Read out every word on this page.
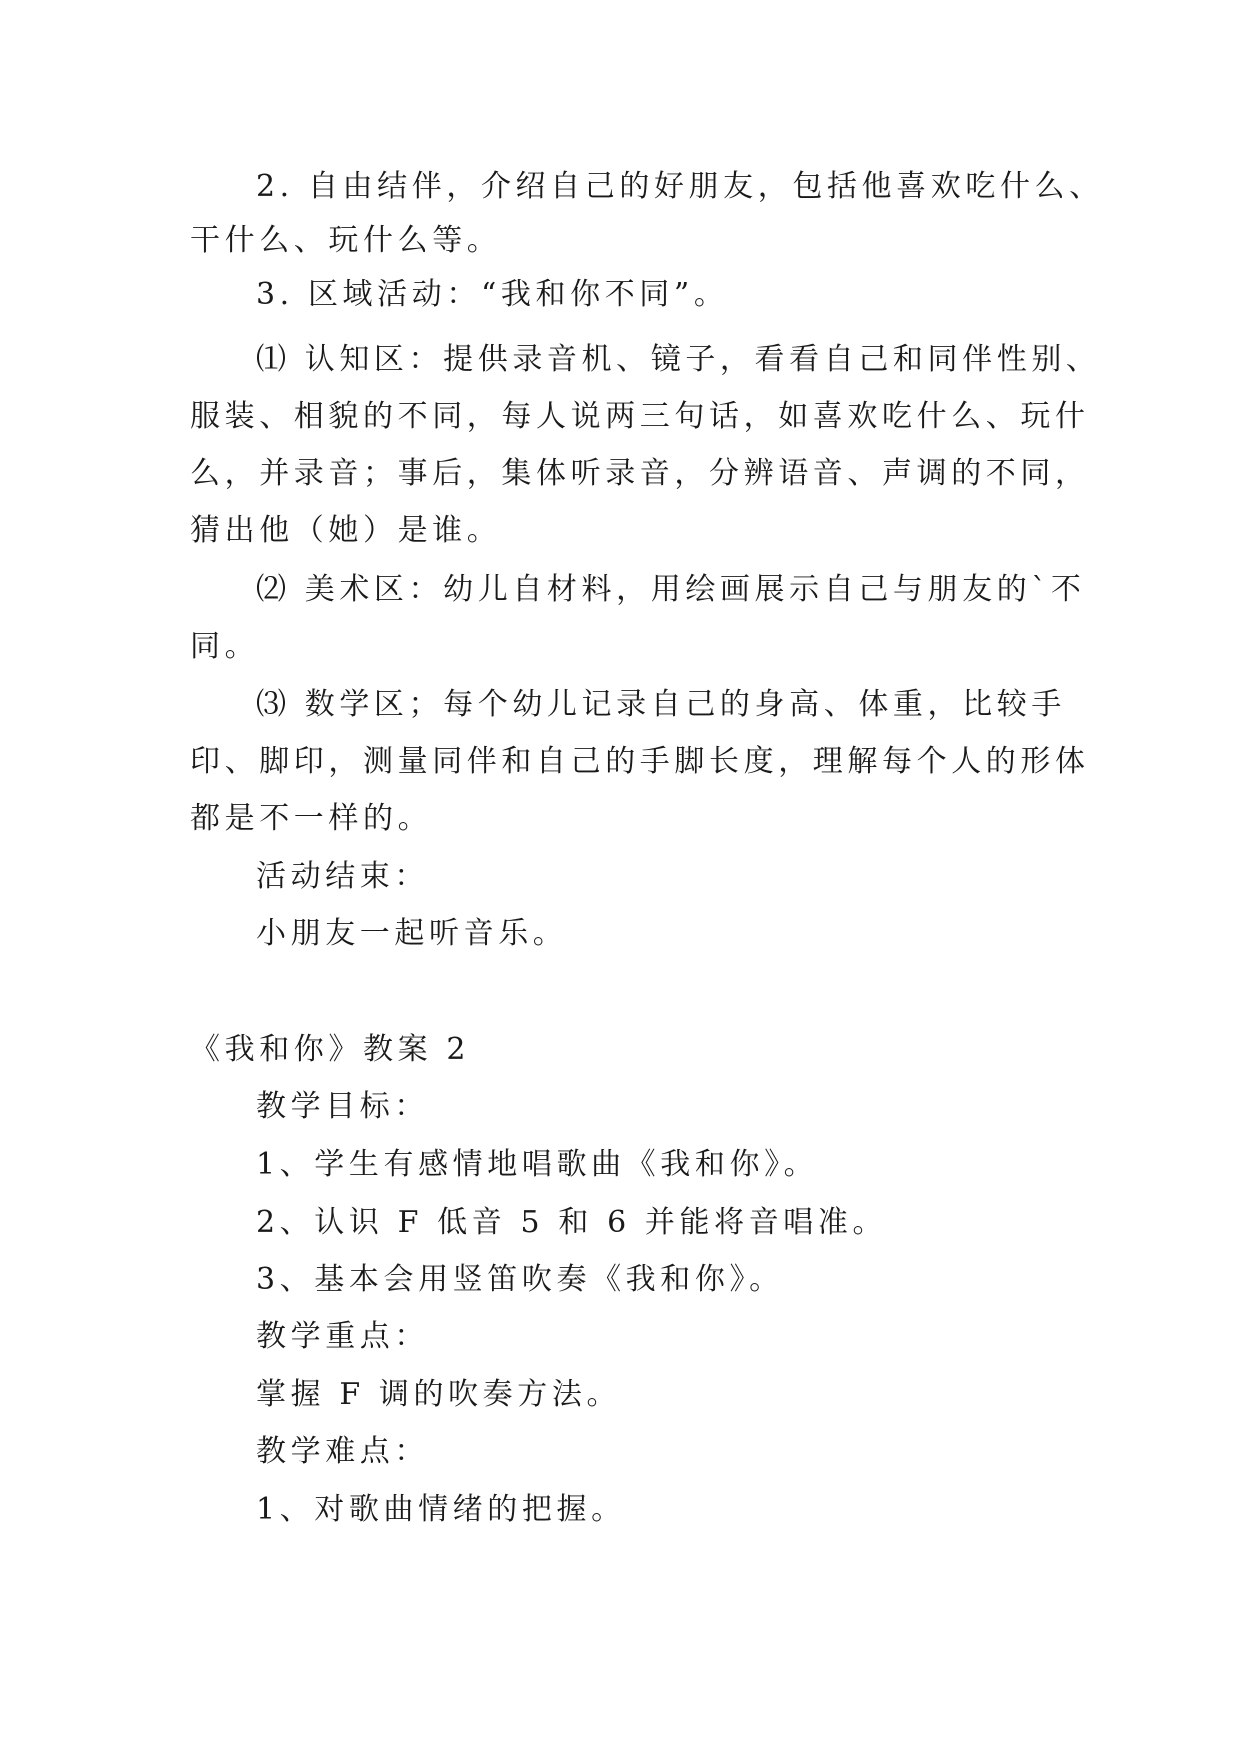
2. 自由结伴，介绍自己的好朋友，包括他喜欢吃什么、
干什么、玩什么等。
3. 区域活动：“我和你不同”。
⑴ 认知区：提供录音机、镜子，看看自己和同伴性别、
服装、相貌的不同，每人说两三句话，如喜欢吃什么、玩什
么，并录音；事后，集体听录音，分辨语音、声调的不同，
猜出他（她）是谁。
⑵ 美术区：幼儿自材料，用绘画展示自己与朋友的`不
同。
⑶ 数学区；每个幼儿记录自己的身高、体重，比较手
印、脚印，测量同伴和自己的手脚长度，理解每个人的形体
都是不一样的。
活动结束：
小朋友一起听音乐。
《我和你》教案 2
教学目标：
1、学生有感情地唱歌曲《我和你》。
2、认识 F 低音 5 和 6 并能将音唱准。
3、基本会用竖笛吹奏《我和你》。
教学重点：
掌握 F 调的吹奏方法。
教学难点：
1、对歌曲情绪的把握。
